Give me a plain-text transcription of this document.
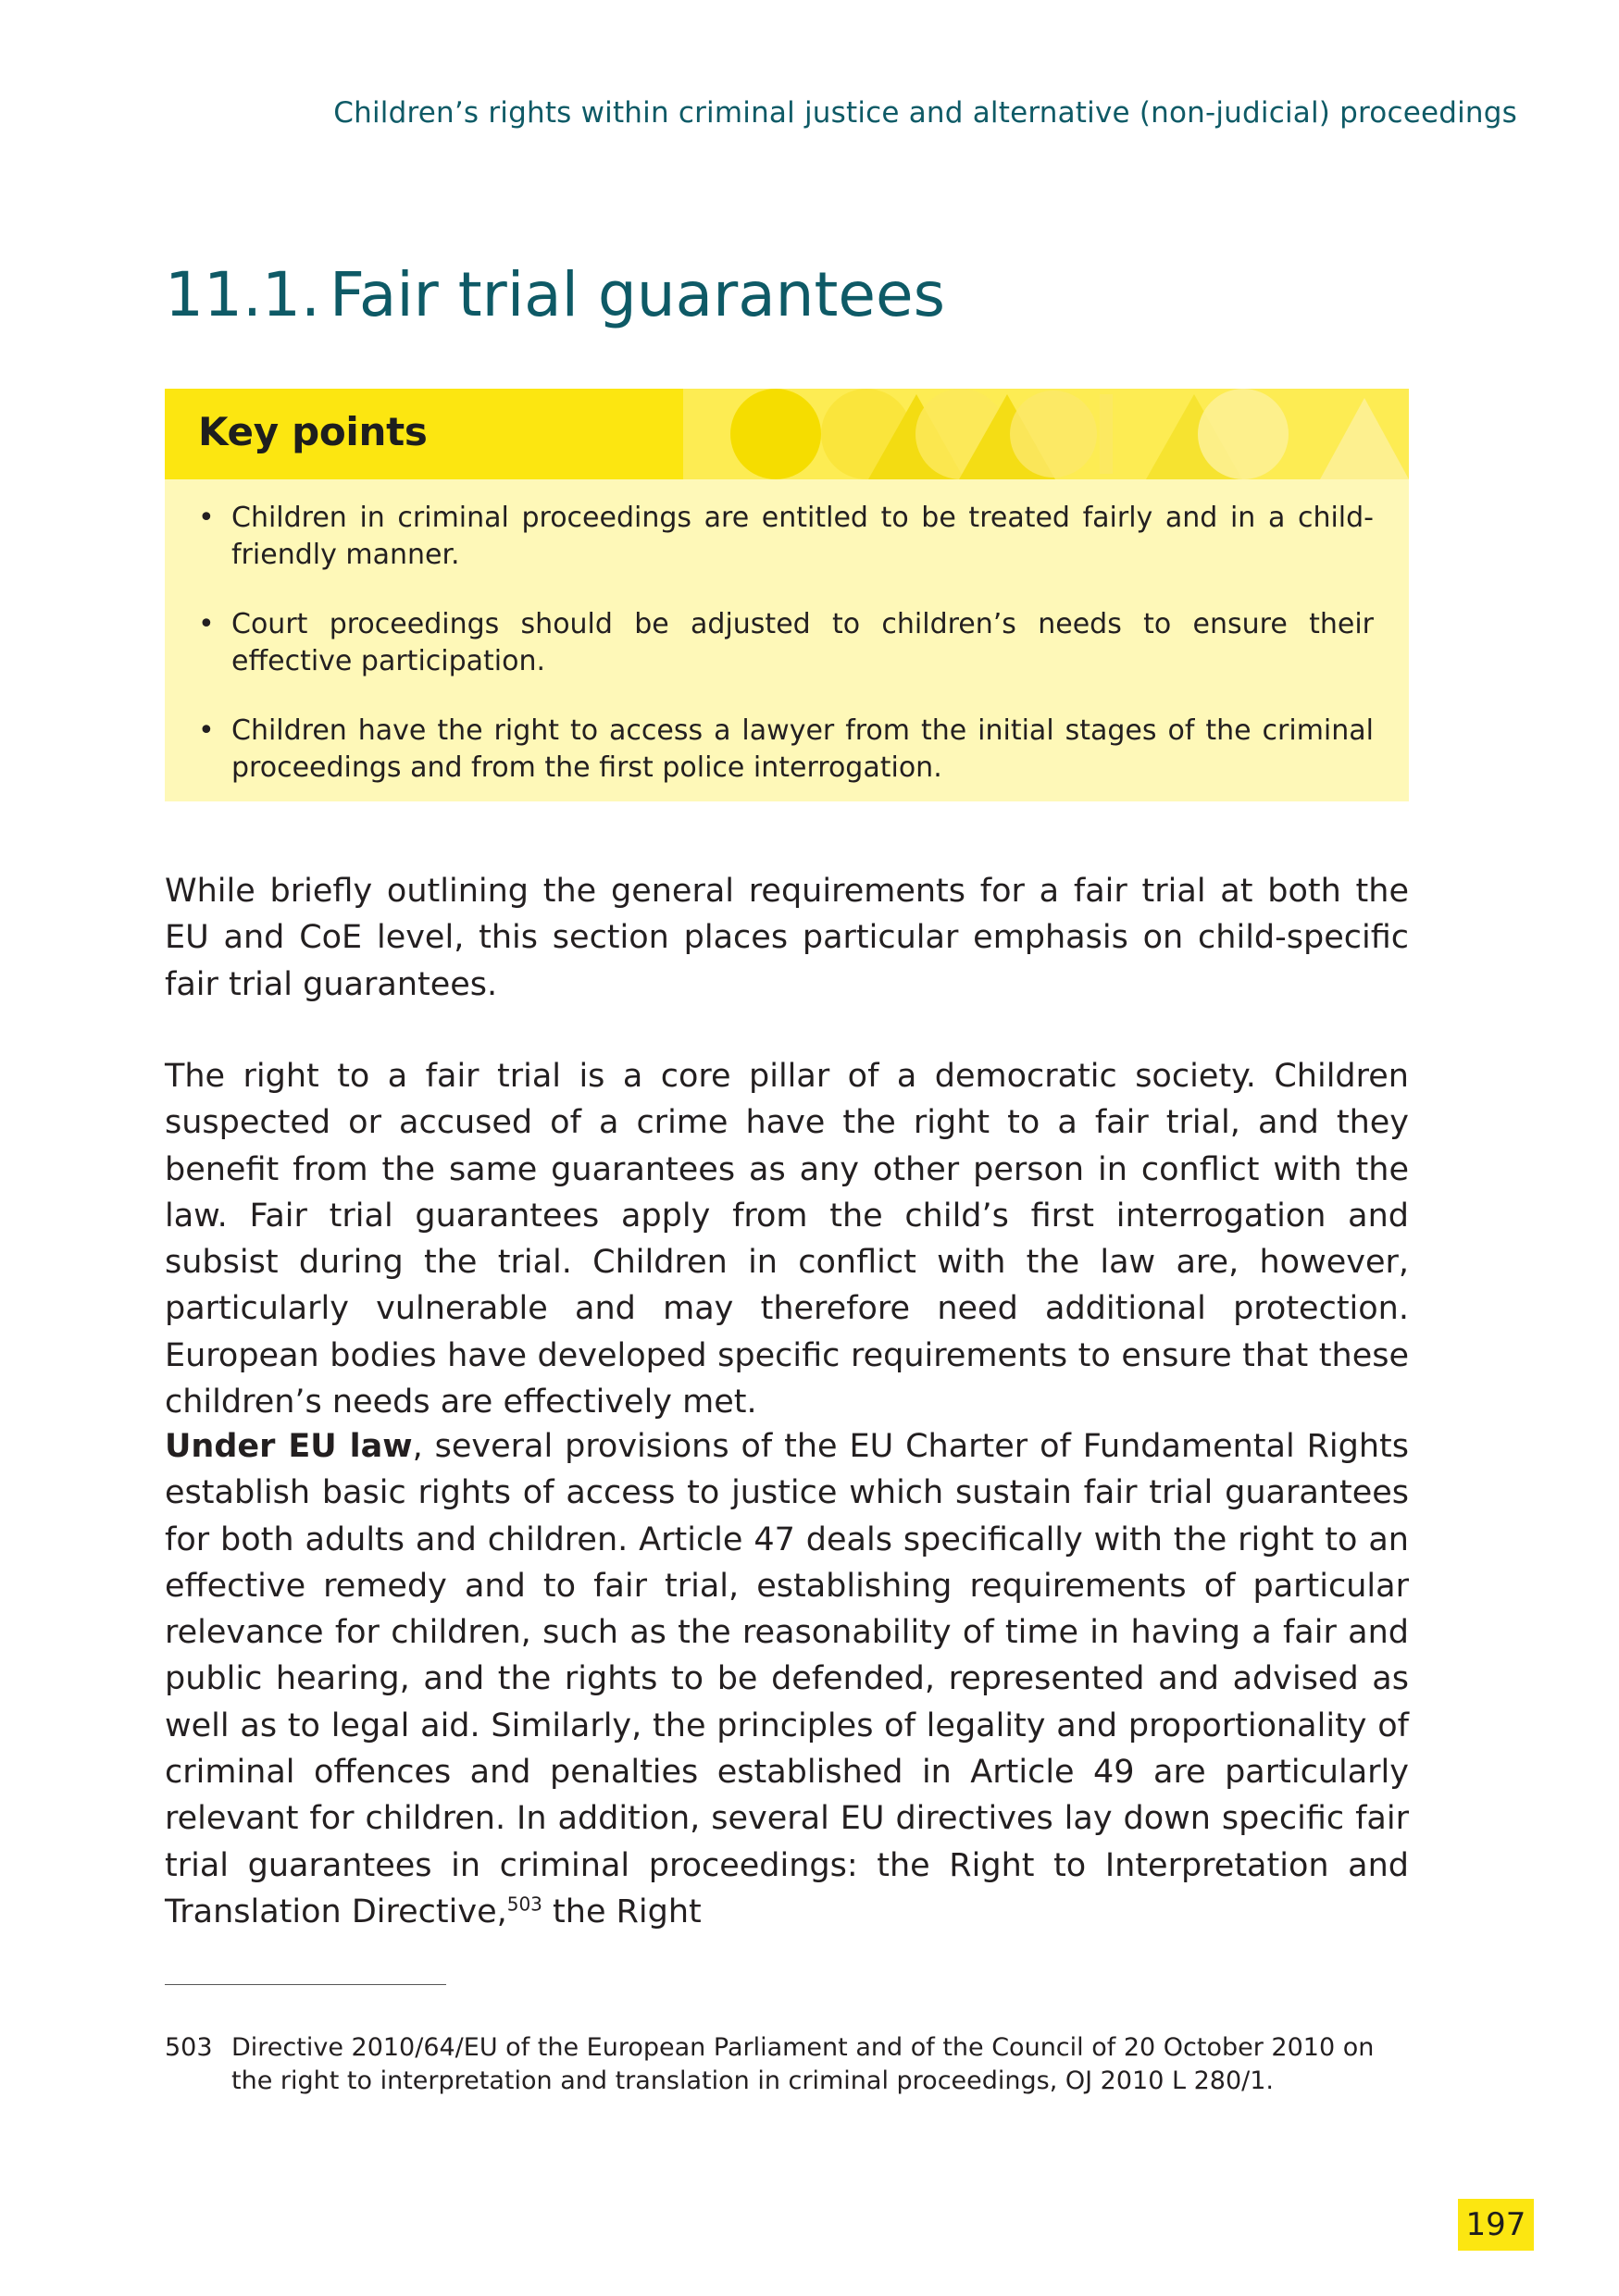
Children’s rights within criminal justice and alternative (non-judicial) proceedings
11.1. Fair trial guarantees
Key points
• Children in criminal proceedings are entitled to be treated fairly and in a child-friendly manner.
• Court proceedings should be adjusted to children’s needs to ensure their effective participation.
• Children have the right to access a lawyer from the initial stages of the criminal proceedings and from the first police interrogation.

While briefly outlining the general requirements for a fair trial at both the EU and CoE level, this section places particular emphasis on child-specific fair trial guarantees.

The right to a fair trial is a core pillar of a democratic society. Children suspected or accused of a crime have the right to a fair trial, and they benefit from the same guarantees as any other person in conflict with the law. Fair trial guarantees apply from the child’s first interrogation and subsist during the trial. Children in conflict with the law are, however, particularly vulnerable and may therefore need additional protection. European bodies have developed specific requirements to ensure that these children’s needs are effectively met.

Under EU law, several provisions of the EU Charter of Fundamental Rights establish basic rights of access to justice which sustain fair trial guarantees for both adults and children. Article 47 deals specifically with the right to an effective remedy and to fair trial, establishing requirements of particular relevance for children, such as the reasonability of time in having a fair and public hearing, and the rights to be defended, represented and advised as well as to legal aid. Similarly, the principles of legality and proportionality of criminal offences and penalties established in Article 49 are particularly relevant for children. In addition, several EU directives lay down specific fair trial guarantees in criminal proceedings: the Right to Interpretation and Translation Directive,$^{503}$ the Right

503 Directive 2010/64/EU of the European Parliament and of the Council of 20 October 2010 on the right to interpretation and translation in criminal proceedings, OJ 2010 L 280/1.
197
